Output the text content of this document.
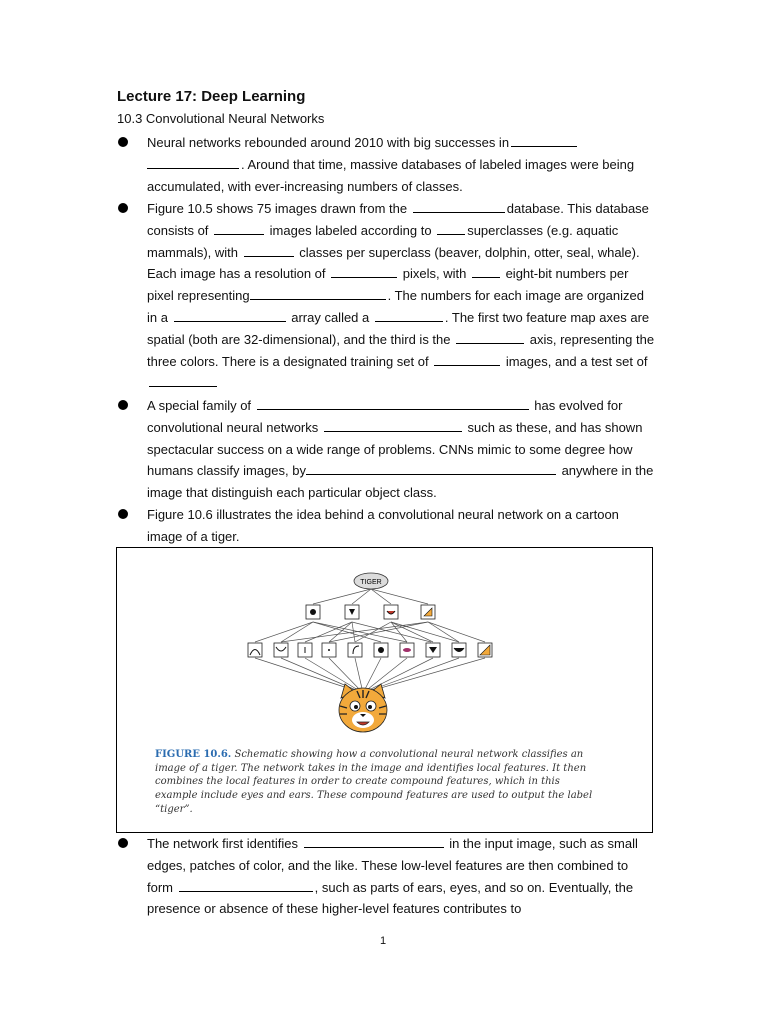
Lecture 17: Deep Learning
10.3 Convolutional Neural Networks
Neural networks rebounded around 2010 with big successes in
. Around that time, massive databases of labeled images were being accumulated, with ever-increasing numbers of classes.
Figure 10.5 shows 75 images drawn from the	database. This database consists of	images labeled according to	superclasses (e.g. aquatic mammals), with	classes per superclass (beaver, dolphin, otter, seal, whale). Each image has a resolution of	pixels, with	eight-bit numbers per pixel representing	. The numbers for each image are organized in a	array called a	. The first two feature map axes are spatial (both are 32-dimensional), and the third is the	axis, representing the three colors. There is a designated training set of	images, and a test set of
A special family of	has evolved for convolutional neural networks	such as these, and has shown spectacular success on a wide range of problems. CNNs mimic to some degree how humans classify images, by	anywhere in the image that distinguish each particular object class.
Figure 10.6 illustrates the idea behind a convolutional neural network on a cartoon image of a tiger.
TIGER
FIGURE 10.6. Schematic showing how a convolutional neural network classifies an image of a tiger. The network takes in the image and identifies local features. It then combines the local features in order to create compound features, which in this example include eyes and ears. These compound features are used to output the label “tiger”.
The network first identifies	in the input image, such as small edges, patches of color, and the like. These low-level features are then combined to form	, such as parts of ears, eyes, and so on. Eventually, the presence or absence of these higher-level features contributes to
1
